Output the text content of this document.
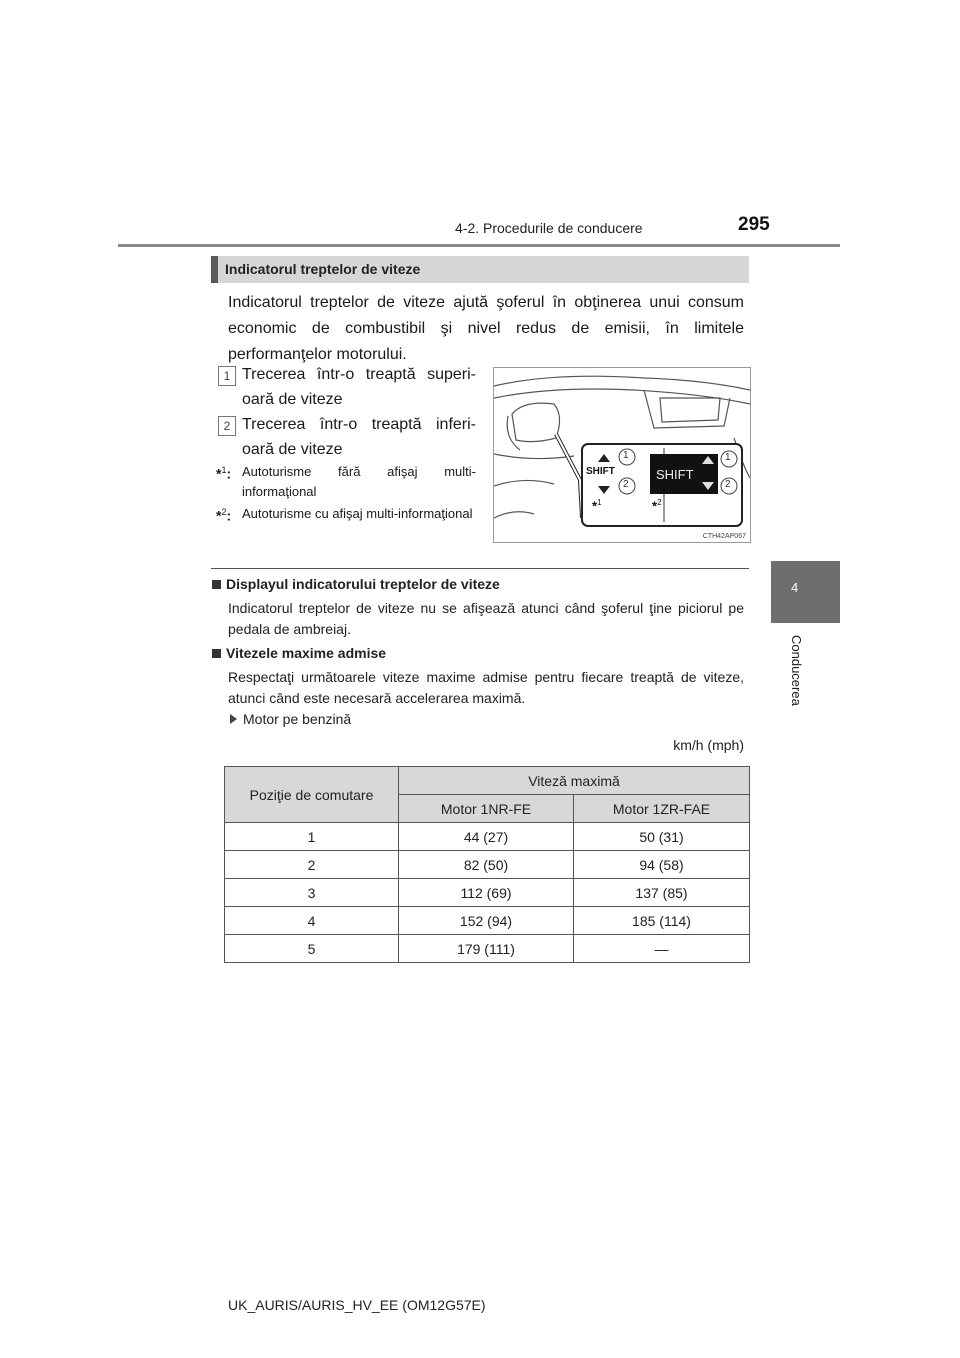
4-2. Procedurile de conducere	295
4
Conducerea
Indicatorul treptelor de viteze
Indicatorul treptelor de viteze ajută şoferul în obţinerea unui consum economic de combustibil şi nivel redus de emisii, în limitele performanţelor motorului.
1 Trecerea într-o treaptă superi-oară de viteze
2 Trecerea într-o treaptă inferi-oară de viteze
*$^1$: Autoturisme fără afişaj multi-informaţional
*$^2$: Autoturisme cu afişaj multi-informaţional
SHIFT	SHIFT
1
2
1
2
*$^1$	*$^2$
CTH42AP067
Displayul indicatorului treptelor de viteze
Indicatorul treptelor de viteze nu se afişează atunci când şoferul ţine piciorul pe pedala de ambreiaj.
Vitezele maxime admise
Respectaţi următoarele viteze maxime admise pentru fiecare treaptă de viteze, atunci când este necesară accelerarea maximă.
Motor pe benzină
km/h (mph)
Poziţie de comutare	Viteză maximă	
	Motor 1NR-FE	Motor 1ZR-FAE
1	44 (27)	50 (31)
2	82 (50)	94 (58)
3	112 (69)	137 (85)
4	152 (94)	185 (114)
5	179 (111)	—
UK_AURIS/AURIS_HV_EE (OM12G57E)
